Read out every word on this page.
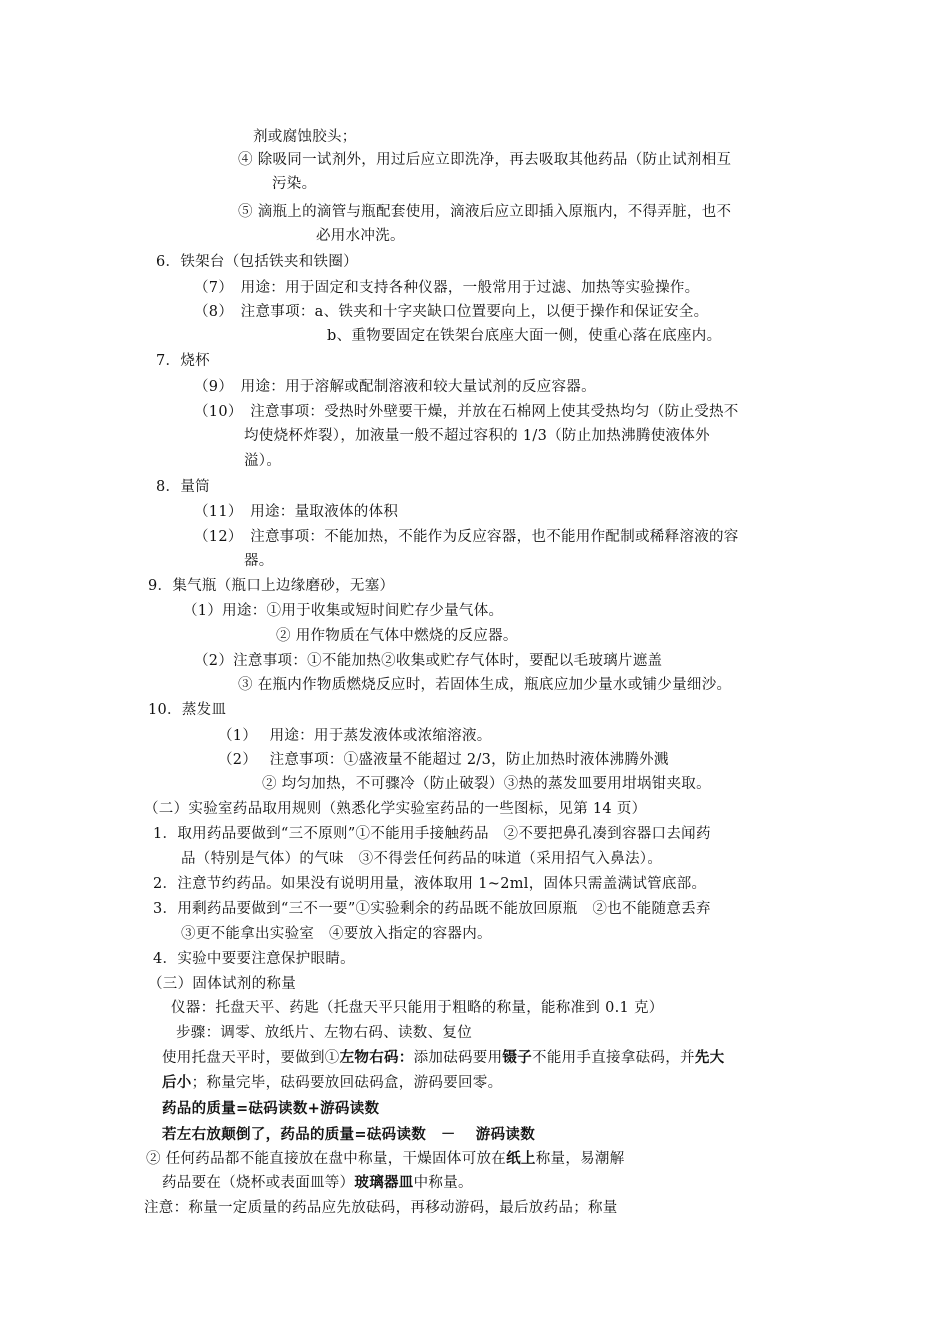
剂或腐蚀胶头；
④ 除吸同一试剂外，用过后应立即洗净，再去吸取其他药品（防止试剂相互
污染。
⑤ 滴瓶上的滴管与瓶配套使用，滴液后应立即插入原瓶内，不得弄脏，也不
必用水冲洗。
6．铁架台（包括铁夹和铁圈）
（7）　用途：用于固定和支持各种仪器，一般常用于过滤、加热等实验操作。
（8）　注意事项：a、铁夹和十字夹缺口位置要向上，以便于操作和保证安全。
b、重物要固定在铁架台底座大面一侧，使重心落在底座内。
7．烧杯
（9）　用途：用于溶解或配制溶液和较大量试剂的反应容器。
（10）　注意事项：受热时外壁要干燥，并放在石棉网上使其受热均匀（防止受热不
均使烧杯炸裂），加液量一般不超过容积的 1/3（防止加热沸腾使液体外
溢）。
8．量筒
（11）　用途：量取液体的体积
（12）　注意事项：不能加热，不能作为反应容器，也不能用作配制或稀释溶液的容
器。
9．集气瓶（瓶口上边缘磨砂，无塞）
（1）用途：①用于收集或短时间贮存少量气体。
② 用作物质在气体中燃烧的反应器。
（2）注意事项：①不能加热②收集或贮存气体时，要配以毛玻璃片遮盖
③ 在瓶内作物质燃烧反应时，若固体生成，瓶底应加少量水或铺少量细沙。
10．蒸发皿
（1）　 用途：用于蒸发液体或浓缩溶液。
（2）　 注意事项：①盛液量不能超过 2/3，防止加热时液体沸腾外溅
② 均匀加热，不可骤冷（防止破裂）③热的蒸发皿要用坩埚钳夹取。
（二）实验室药品取用规则（熟悉化学实验室药品的一些图标，见第 14 页）
1．取用药品要做到“三不原则”①不能用手接触药品　②不要把鼻孔凑到容器口去闻药
品（特别是气体）的气味　③不得尝任何药品的味道（采用招气入鼻法）。
2．注意节约药品。如果没有说明用量，液体取用 1~2ml，固体只需盖满试管底部。
3．用剩药品要做到“三不一要”①实验剩余的药品既不能放回原瓶　②也不能随意丢弃
③更不能拿出实验室　④要放入指定的容器内。
4．实验中要要注意保护眼睛。
（三）固体试剂的称量
仪器：托盘天平、药匙（托盘天平只能用于粗略的称量，能称准到 0.1 克）
步骤：调零、放纸片、左物右码、读数、复位
使用托盘天平时，要做到①左物右码：添加砝码要用镊子不能用手直接拿砝码，并先大
后小；称量完毕，砝码要放回砝码盒，游码要回零。
药品的质量=砝码读数+游码读数
若左右放颠倒了，药品的质量=砝码读数　－　 游码读数
② 任何药品都不能直接放在盘中称量，干燥固体可放在纸上称量，易潮解
药品要在（烧杯或表面皿等）玻璃器皿中称量。
注意：称量一定质量的药品应先放砝码，再移动游码，最后放药品；称量
